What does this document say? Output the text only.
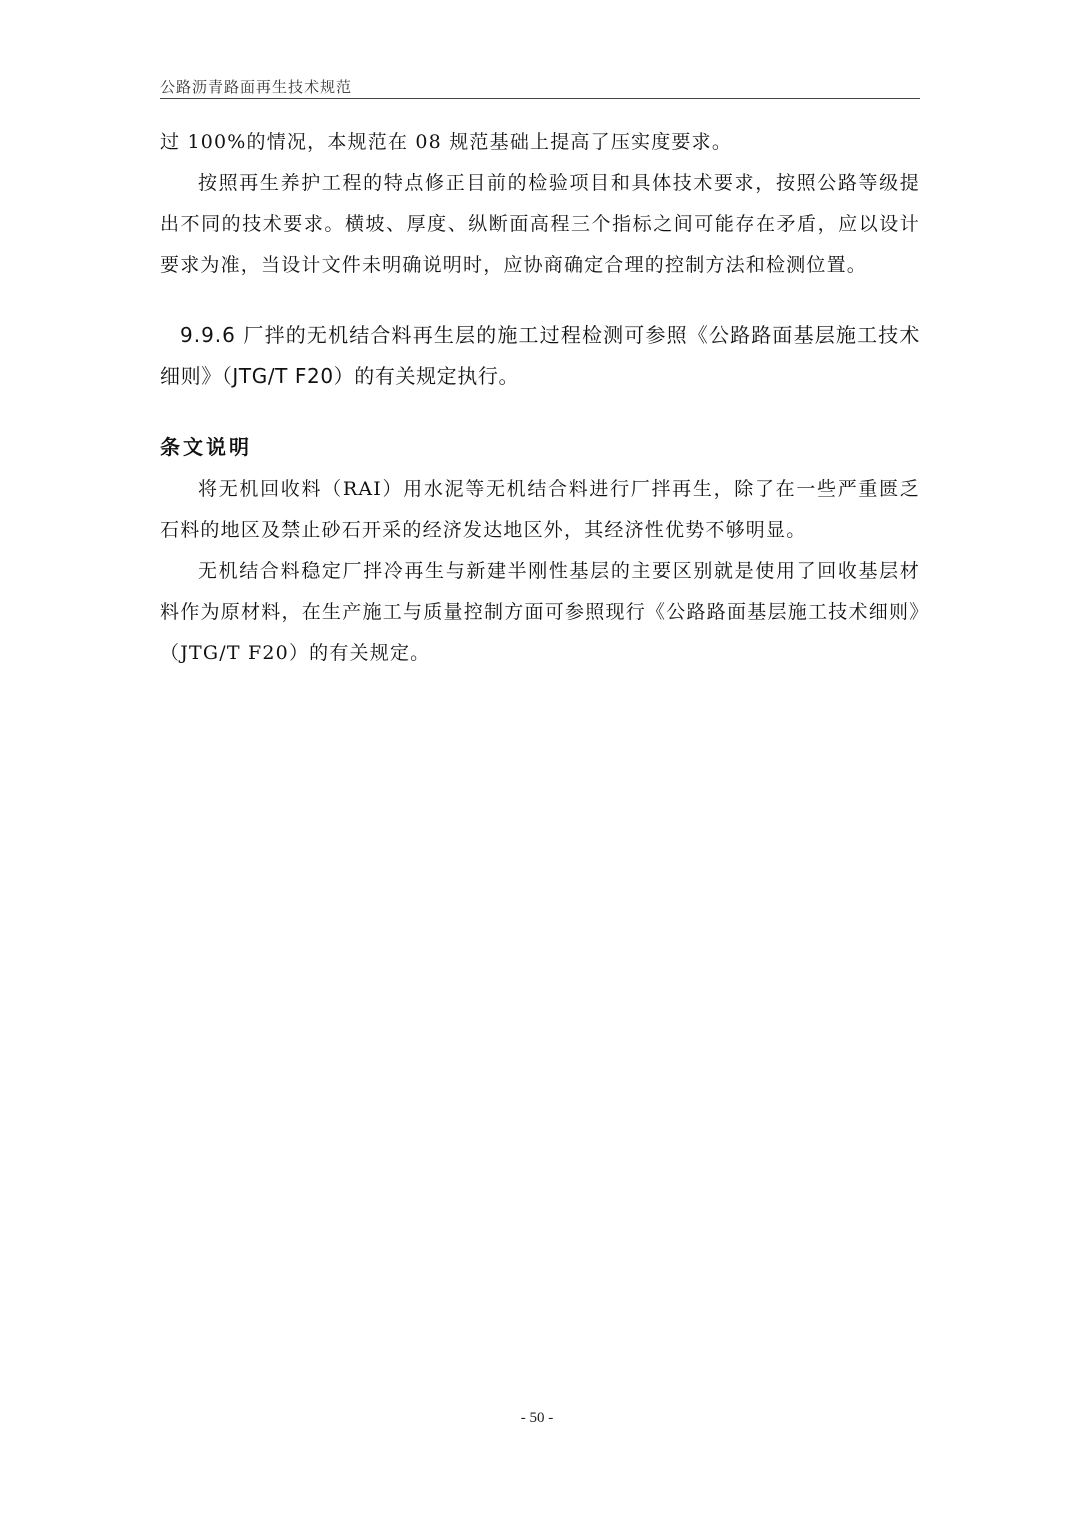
公路沥青路面再生技术规范

过 100%的情况，本规范在 08 规范基础上提高了压实度要求。

按照再生养护工程的特点修正目前的检验项目和具体技术要求，按照公路等级提出不同的技术要求。横坡、厚度、纵断面高程三个指标之间可能存在矛盾，应以设计要求为准，当设计文件未明确说明时，应协商确定合理的控制方法和检测位置。

9.9.6 厂拌的无机结合料再生层的施工过程检测可参照《公路路面基层施工技术细则》（JTG/T F20）的有关规定执行。

条文说明

将无机回收料（RAI）用水泥等无机结合料进行厂拌再生，除了在一些严重匮乏石料的地区及禁止砂石开采的经济发达地区外，其经济性优势不够明显。

无机结合料稳定厂拌冷再生与新建半刚性基层的主要区别就是使用了回收基层材料作为原材料，在生产施工与质量控制方面可参照现行《公路路面基层施工技术细则》（JTG/T F20）的有关规定。

- 50 -
